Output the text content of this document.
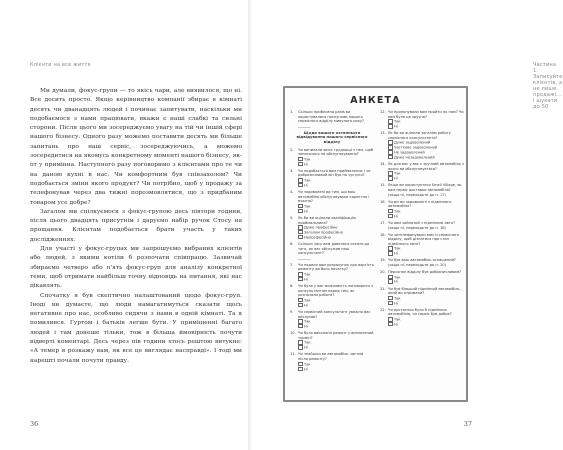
Клієнти на все життя

Ми думали, фокус-групи — то якісь чари, але виявилося, що ні. Все досить просто. Якщо керівництво компанії збирає в кімнаті десять чи дванадцять людей і починає запитувати, наскільки ми подобаємося з нами працювати, вкажи є наші слабкі та сильні сторони. Після цього ми зосереджуємо увагу на тій чи іншій сфері нашого бізнесу. Одного разу можемо поставити десять ми більше запитань про наш сервіс, зосереджуючись, а можемо зосередитися на якомусь конкретному моменті нашого бізнесу, як-от у примінна. Наступного разу поговоримо з клієнтами про те чи на даною кухні в нас. Чи комфортним був співзахолом? Чи подобається зміни якого продукт? Чи потрібно, щоб у продажу за телефонував через два тижні порозмовлятися, що з придбаним товаром усе добре?

Загалом ми спілкуємося з фокус-групою десь півтори години, після цього двадцять присутнім і даруємо набір ручок Стосу на прощання. Клієнтам подобається брати участь у таких дослідженнях.

Для участі у фокус-групах ми запрошуємо вибраних клієнтів або людей, з якими котіли б розпочати співпрацю. Зазвичай збираємо четверо або п'ять фокус-груп для аналізу конкретної теми, щоб отримати найбільш точну відповідь на питання, які нас цікавлять.

Спочатку я був скептично налаштований щодо фокус-груп. Іноді ви думаєте, що люди намагатимуться сказати щось негативне про нас, особливо сидячи з нами в одній кімнаті. Та я помилився. Гуртом і батьків легше бути. У приміщенні багато людей і там донеше тільки, тож в більша ймовірність почути відверті коментарі. Десь через пів години хтось рештою витукне: «А темер я розкажу вам, як все це виглядає насправді». І тоді ми нарешті почали почути правду.

36
Частина 1. Записуйте клієнтів, а не лише продажі... і шукати до 50
АНКЕТА
1. Скільки приблизно разів ви користувалися послугами нашого сервісного відділу минулого року?
_______
Щодо вашого останнього відвідування нашого сервісного відділу
2. Чи виникали якісь труднощі з тим, щоб записатися на обслуговування?
Так
Ні
3. Чи подобається вам приймальник і чи доброзичливий він був на зустрічі?
Так
Ні
4. Чи задоволені ви тим, що ваш автомобіль обслуговували коректно і вчасно?
Так
Ні
5. Як би ви оцінили кваліфікацію приймальника?
Дуже професійно
Загалом професійно
Непрофесійно
6. Скільки часу вам довелося чекати до того, як вас обслужив наш консультант?
_______
7. Чи надали вам розрахунок про вартість ремонту до його початку?
Так
Ні
8. Чи була у вас можливість поговорити з консультантом перед тим, як розпочали роботи?
Так
Ні
9. Чи сервісний консультант уважно вас вислухав?
Так
Ні
10. Чи було виконано ремонт у визначений термін?
Так
Ні
11. Чи знайшли ви автомобіль чистим після ремонту?
Так
Ні
12. Чи пропонували вам пройти по нам? Чи вам було це зручно?
Так
Ні
13. Як би ви оцінили загалом роботу сервісного консультанта?
Дуже задоволений
Частково задоволений
Не задоволений
Дуже незадоволений
14. Як для вас у вас є зручний автомобіль з якого ви обслуговуєтеся?
Так
Ні
15. Якщо ви користуєтеся Smell Village, як вам сервіс доставки автомобіля?
(якщо ні, переходьте до п. 17)
16. Чи всі ви задоволені з підмінного автомобіля?
Так
Ні
17. Чи вам зайнятий з підмінним авто?
(якщо ні, переходьте до п. 18)
18. Чи зателефонували вам із сервісного відділу, щоб дізнатися про стан підмінного авто?
Так
Ні
19. Чи був ваш автомобіль оснащений?
(якщо ні, переходьте до п. 20)
20. Персонал відділу був доброзичливим?
Так
Ні
21. Чи був більший підмінний автомобіль, який ви отримали?
Так
Ні
22. Чи достатньо було б підмінних автомобілів, чи сервіс був добре?
Так
Ні
37
